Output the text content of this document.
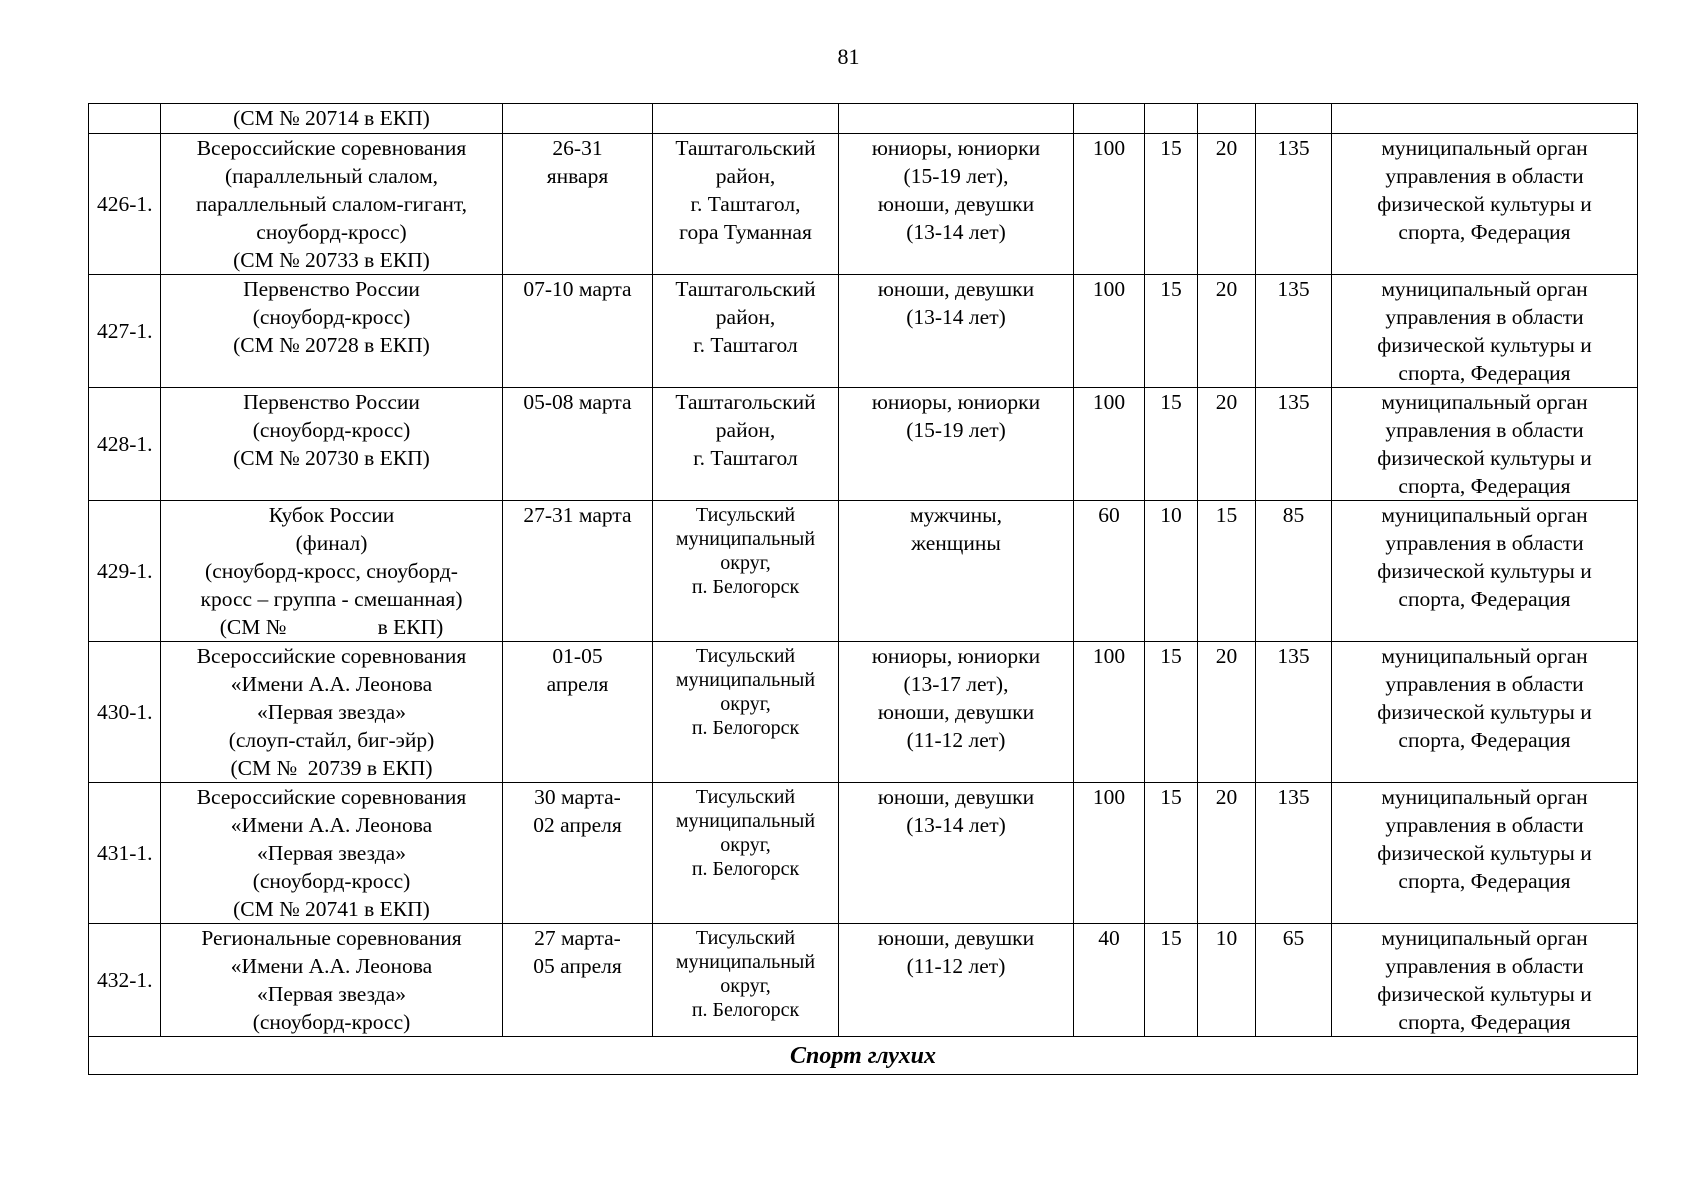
81

	(СМ № 20714 в ЕКП)								

426-1.	Всероссийские соревнования
(параллельный слалом,
параллельный слалом-гигант,
сноуборд-кросс)
(СМ № 20733 в ЕКП)	26-31
января	Таштагольский
район,
г. Таштагол,
гора Туманная	юниоры, юниорки
(15-19 лет),
юноши, девушки
(13-14 лет)	100	15	20	135	муниципальный орган
управления в области
физической культуры и
спорта, Федерация

427-1.	Первенство России
(сноуборд-кросс)
(СМ № 20728 в ЕКП)	07-10 марта	Таштагольский
район,
г. Таштагол	юноши, девушки
(13-14 лет)	100	15	20	135	муниципальный орган
управления в области
физической культуры и
спорта, Федерация

428-1.	Первенство России
(сноуборд-кросс)
(СМ № 20730 в ЕКП)	05-08 марта	Таштагольский
район,
г. Таштагол	юниоры, юниорки
(15-19 лет)	100	15	20	135	муниципальный орган
управления в области
физической культуры и
спорта, Федерация

429-1.	Кубок России
(финал)
(сноуборд-кросс, сноуборд-
кросс – группа - смешанная)
(СМ №                 в ЕКП)	27-31 марта	Тисульский
муниципальный
округ,
п. Белогорск	мужчины,
женщины	60	10	15	85	муниципальный орган
управления в области
физической культуры и
спорта, Федерация

430-1.	Всероссийские соревнования
«Имени А.А. Леонова
«Первая звезда»
(слоуп-стайл, биг-эйр)
(СМ №  20739 в ЕКП)	01-05
апреля	Тисульский
муниципальный
округ,
п. Белогорск	юниоры, юниорки
(13-17 лет),
юноши, девушки
(11-12 лет)	100	15	20	135	муниципальный орган
управления в области
физической культуры и
спорта, Федерация

431-1.	Всероссийские соревнования
«Имени А.А. Леонова
«Первая звезда»
(сноуборд-кросс)
(СМ № 20741 в ЕКП)	30 марта-
02 апреля	Тисульский
муниципальный
округ,
п. Белогорск	юноши, девушки
(13-14 лет)	100	15	20	135	муниципальный орган
управления в области
физической культуры и
спорта, Федерация

432-1.	Региональные соревнования
«Имени А.А. Леонова
«Первая звезда»
(сноуборд-кросс)	27 марта-
05 апреля	Тисульский
муниципальный
округ,
п. Белогорск	юноши, девушки
(11-12 лет)	40	15	10	65	муниципальный орган
управления в области
физической культуры и
спорта, Федерация

Спорт глухих									
